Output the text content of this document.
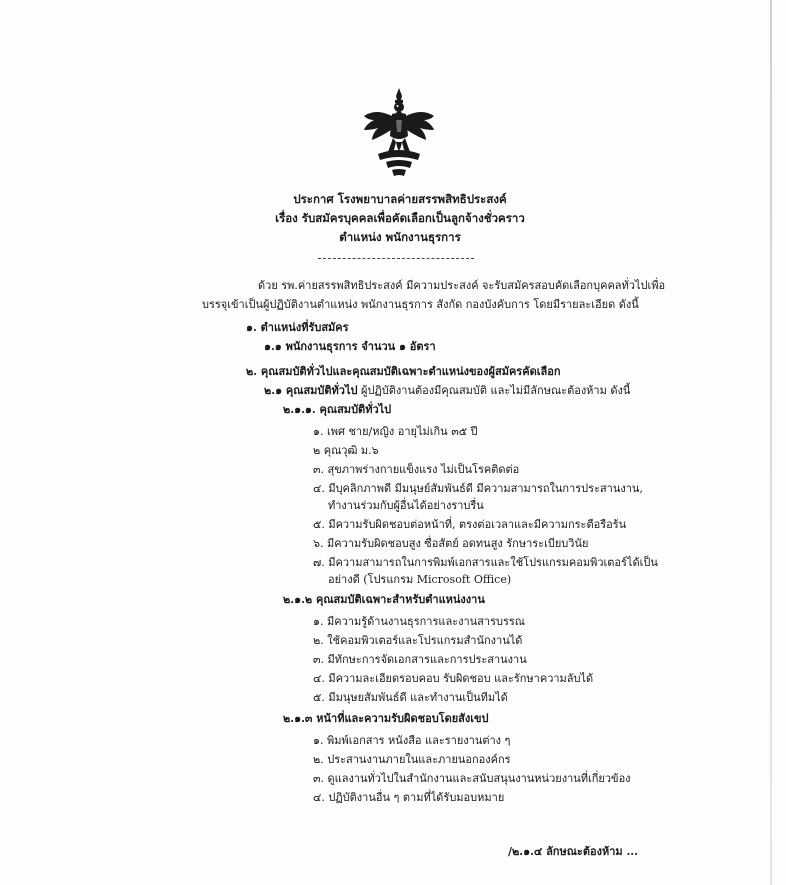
ประกาศ โรงพยาบาลค่ายสรรพสิทธิประสงค์
เรื่อง รับสมัครบุคคลเพื่อคัดเลือกเป็นลูกจ้างชั่วคราว
ตำแหน่ง พนักงานธุรการ
ด้วย รพ.ค่ายสรรพสิทธิประสงค์ มีความประสงค์ จะรับสมัครสอบคัดเลือกบุคคลทั่วไปเพื่อ
บรรจุเข้าเป็นผู้ปฏิบัติงานตำแหน่ง พนักงานธุรการ สังกัด กองบังคับการ โดยมีรายละเอียด ดังนี้
๑. ตำแหน่งที่รับสมัคร
๑.๑ พนักงานธุรการ จำนวน ๑ อัตรา
๒. คุณสมบัติทั่วไปและคุณสมบัติเฉพาะตำแหน่งของผู้สมัครคัดเลือก
๒.๑ คุณสมบัติทั่วไป ผู้ปฏิบัติงานต้องมีคุณสมบัติ และไม่มีลักษณะต้องห้าม ดังนี้
๒.๑.๑. คุณสมบัติทั่วไป
๑. เพศ ชาย/หญิง อายุไม่เกิน ๓๕ ปี
๒ คุณวุฒิ ม.๖
๓. สุขภาพร่างกายแข็งแรง ไม่เป็นโรคติดต่อ
๔. มีบุคลิกภาพดี มีมนุษย์สัมพันธ์ดี มีความสามารถในการประสานงาน,
ทำงานร่วมกับผู้อื่นได้อย่างราบรื่น
๕. มีความรับผิดชอบต่อหน้าที่, ตรงต่อเวลาและมีความกระตือรือร้น
๖. มีความรับผิดชอบสูง ซื่อสัตย์ อดทนสูง รักษาระเบียบวินัย
๗. มีความสามารถในการพิมพ์เอกสารและใช้โปรแกรมคอมพิวเตอร์ได้เป็น
อย่างดี (โปรแกรม Microsoft Office)
๒.๑.๒ คุณสมบัติเฉพาะสำหรับตำแหน่งงาน
๑. มีความรู้ด้านงานธุรการและงานสารบรรณ
๒. ใช้คอมพิวเตอร์และโปรแกรมสำนักงานได้
๓. มีทักษะการจัดเอกสารและการประสานงาน
๔. มีความละเอียดรอบคอบ รับผิดชอบ และรักษาความลับได้
๕. มีมนุษยสัมพันธ์ดี และทำงานเป็นทีมได้
๒.๑.๓ หน้าที่และความรับผิดชอบโดยสังเขป
๑. พิมพ์เอกสาร หนังสือ และรายงานต่าง ๆ
๒. ประสานงานภายในและภายนอกองค์กร
๓. ดูแลงานทั่วไปในสำนักงานและสนับสนุนงานหน่วยงานที่เกี่ยวข้อง
๔. ปฏิบัติงานอื่น ๆ ตามที่ได้รับมอบหมาย
/๒.๑.๔ ลักษณะต้องห้าม ...
